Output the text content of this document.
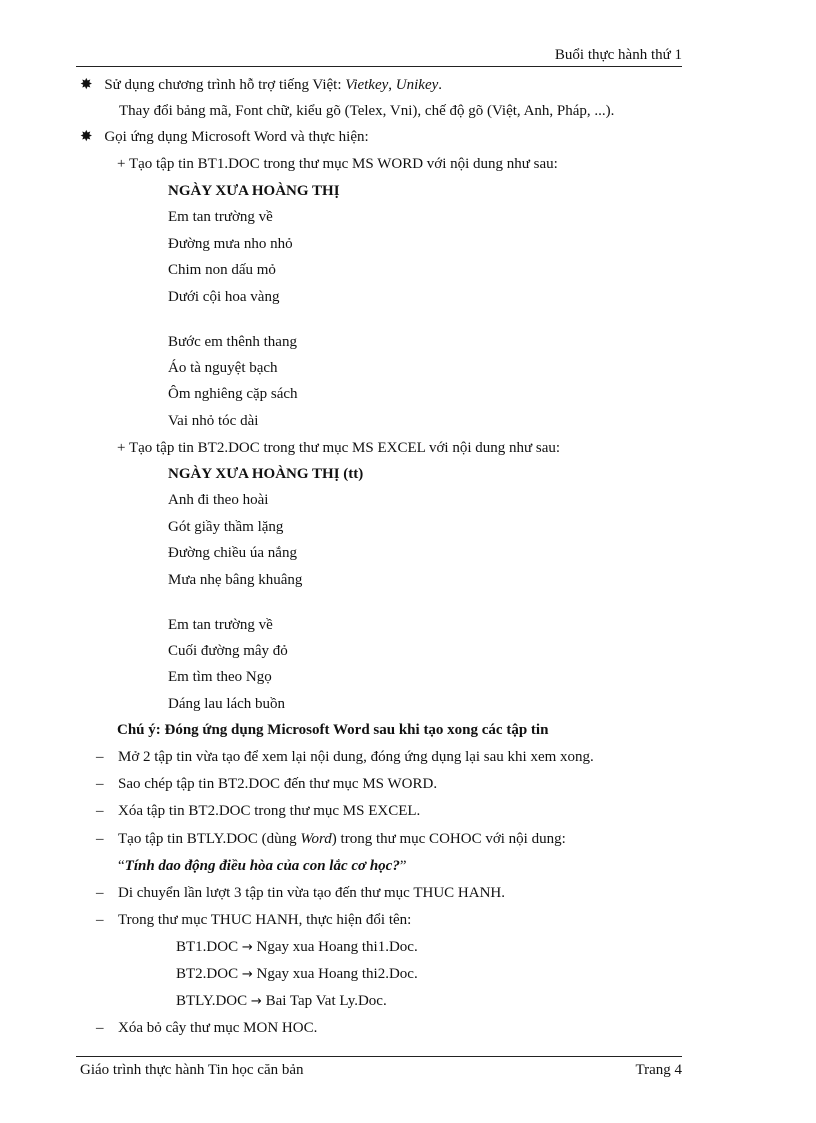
Buổi thực hành thứ 1
✸ Sử dụng chương trình hỗ trợ tiếng Việt: Vietkey, Unikey.
Thay đổi bảng mã, Font chữ, kiểu gõ (Telex, Vni), chế độ gõ (Việt, Anh, Pháp, ...).
✸ Gọi ứng dụng Microsoft Word và thực hiện:
+ Tạo tập tin BT1.DOC trong thư mục MS WORD với nội dung như sau:
NGÀY XƯA HOÀNG THỊ
Em tan trường về
Đường mưa nho nhỏ
Chim non dấu mỏ
Dưới cội hoa vàng
Bước em thênh thang
Áo tà nguyệt bạch
Ôm nghiêng cặp sách
Vai nhỏ tóc dài
+ Tạo tập tin BT2.DOC trong thư mục MS EXCEL với nội dung như sau:
NGÀY XƯA HOÀNG THỊ (tt)
Anh đi theo hoài
Gót giầy thầm lặng
Đường chiều úa nắng
Mưa nhẹ bâng khuâng
Em tan trường về
Cuối đường mây đỏ
Em tìm theo Ngọ
Dáng lau lách buồn
Chú ý: Đóng ứng dụng Microsoft Word sau khi tạo xong các tập tin
– Mở 2 tập tin vừa tạo để xem lại nội dung, đóng ứng dụng lại sau khi xem xong.
– Sao chép tập tin BT2.DOC đến thư mục MS WORD.
– Xóa tập tin BT2.DOC trong thư mục MS EXCEL.
– Tạo tập tin BTLY.DOC (dùng Word) trong thư mục COHOC với nội dung:
“Tính dao động điều hòa của con lắc cơ học?”
– Di chuyển lần lượt 3 tập tin vừa tạo đến thư mục THUC HANH.
– Trong thư mục THUC HANH, thực hiện đổi tên:
BT1.DOC → Ngay xua Hoang thi1.Doc.
BT2.DOC → Ngay xua Hoang thi2.Doc.
BTLY.DOC → Bai Tap Vat Ly.Doc.
– Xóa bỏ cây thư mục MON HOC.
Giáo trình thực hành Tin học căn bản	Trang 4
